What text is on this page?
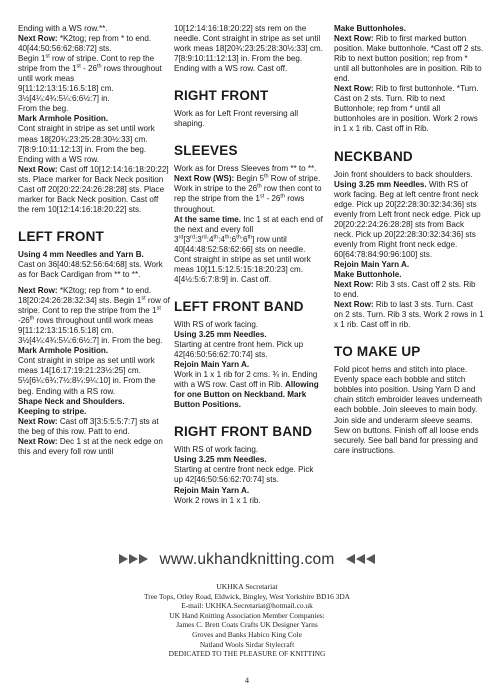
Ending with a WS row.**.

Next Row: *K2tog; rep from * to end. 40[44:50:56:62:68:72] sts.

Begin 1st row of stripe. Cont to rep the stripe from the 1st - 26th rows throughout until work meas

9[11:12:13:15:16.5:18] cm.

3½[4¼:4¾:5¼:6:6½:7] in.

From the beg.

Mark Armhole Position.

Cont straight in stripe as set until work meas 18[20¾:23:25:28:30½:33] cm. 7[8:9:10:11:12:13] in. From the beg. Ending with a WS row.

Next Row: Cast off 10[12:14:16:18:20:22] sts. Place marker for Back Neck position Cast off 20[20:22:24:26:28:28] sts. Place marker for Back Neck position. Cast off the rem 10[12:14:16:18:20:22] sts.

LEFT FRONT

Using 4 mm Needles and Yarn B.

Cast on 36[40:48:52:56:64:68] sts. Work as for Back Cardigan from ** to **.

Next Row: *K2tog; rep from * to end. 18[20:24:26:28:32:34] sts. Begin 1st row of stripe. Cont to rep the stripe from the 1st -26th rows throughout until work meas 9[11:12:13:15:16.5:18] cm. 3½[4¼:4¾:5¼:6:6½:7] in. From the beg.

Mark Armhole Position.

Cont straight in stripe as set until work meas 14[16:17:19:21:23½:25] cm. 5½[6¼:6¾:7½:8¼:9¼:10] in. From the beg. Ending with a RS row.

Shape Neck and Shoulders.

Keeping to stripe.

Next Row: Cast off 3[3:5:5:5:7:7] sts at the beg of this row. Patt to end.

Next Row: Dec 1 st at the neck edge on this and every foll row until

10[12:14:16:18:20:22] sts rem on the needle. Cont straight in stripe as set until work meas 18[20¾:23:25:28:30½:33] cm. 7[8:9:10:11:12:13] in. From the beg. Ending with a WS row. Cast off.

RIGHT FRONT

Work as for Left Front reversing all shaping.

SLEEVES

Work as for Dress Sleeves from ** to **.

Next Row (WS): Begin 5th Row of stripe. Work in stripe to the 26th row then cont to rep the stripe from the 1st - 26th rows throughout.

At the same time. Inc 1 st at each end of the next and every foll 3rd[3rd:3rd:4th:4th:6th:6th] row until 40[44:48:52:58:62:66] sts on needle. Cont straight in stripe as set until work meas 10[11.5:12.5:15:18:20:23] cm. 4[4½:5:6:7:8:9] in. Cast off.

LEFT FRONT BAND

With RS of work facing.

Using 3.25 mm Needles.

Starting at centre front hem. Pick up 42[46:50:56:62:70:74] sts.

Rejoin Main Yarn A.

Work in 1 x 1 rib for 2 cms. ¾ in. Ending with a WS row. Cast off in Rib. Allowing for one Button on Neckband. Mark Button Positions.

RIGHT FRONT BAND

With RS of work facing.

Using 3.25 mm Needles.

Starting at centre front neck edge. Pick up 42[46:50:56:62:70:74] sts.

Rejoin Main Yarn A.

Work 2 rows in 1 x 1 rib.

Make Buttonholes.

Next Row: Rib to first marked button position. Make buttonhole. *Cast off 2 sts. Rib to next button position; rep from * until all buttonholes are in position. Rib to end.

Next Row: Rib to first buttonhole. *Turn. Cast on 2 sts. Turn. Rib to next Buttonhole; rep from * until all buttonholes are in position. Work 2 rows in 1 x 1 rib. Cast off in Rib.

NECKBAND

Join front shoulders to back shoulders.

Using 3.25 mm Needles. With RS of work facing. Beg at left centre front neck edge. Pick up 20[22:28:30:32:34:36] sts evenly from Left front neck edge. Pick up 20[20:22:24:26:28:28] sts from Back neck. Pick up 20[22:28:30:32:34:36] sts evenly from Right front neck edge. 60[64:78:84:90:96:100] sts.

Rejoin Main Yarn A.

Make Buttonhole.

Next Row: Rib 3 sts. Cast off 2 sts. Rib to end.

Next Row: Rib to last 3 sts. Turn. Cast on 2 sts. Turn. Rib 3 sts. Work 2 rows in 1 x 1 rib. Cast off in rib.

TO MAKE UP

Fold picot hems and stitch into place. Evenly space each bobble and stitch bobbles into position. Using Yarn D and chain stitch embroider leaves underneath each bobble. Join sleeves to main body. Join side and underarm sleeve seams. Sew on buttons. Finish off all loose ends securely. See ball band for pressing and care instructions.

www.ukhandknitting.com
UKHKA Secretariat
Tree Tops, Otley Road, Eldwick, Bingley, West Yorkshire BD16 3DA
E-mail: UKHKA.Secretariat@hotmail.co.uk
UK Hand Knitting Association Member Companies:
James C. Brett Coats Crafts UK Designer Yarns
Groves and Banks Habico King Cole
Natland Wools Sirdar Stylecraft
DEDICATED TO THE PLEASURE OF KNITTING
4
